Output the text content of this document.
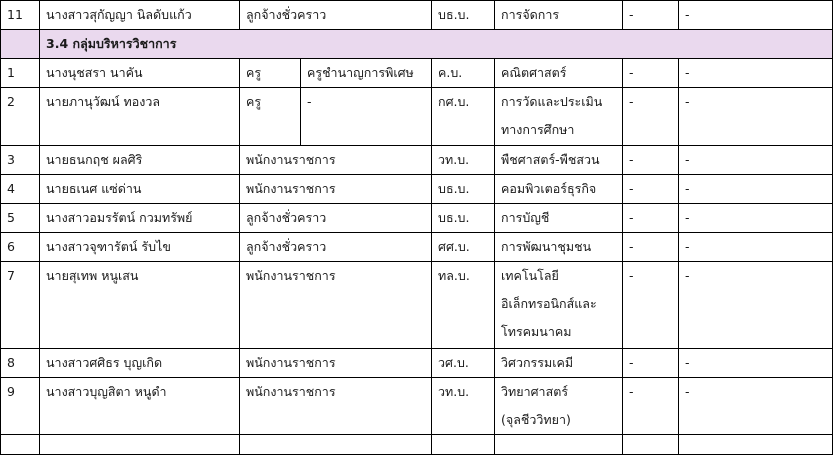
11	นางสาวสุกัญญา นิลดับแก้ว	ลูกจ้างชั่วคราว		บธ.บ.	การจัดการ	-	-
	3.4 กลุ่มบริหารวิชาการ						
1	นางนุชสรา นาคัน	ครู	ครูชำนาญการพิเศษ	ค.บ.	คณิตศาสตร์	-	-
2	นายภานุวัฒน์ ทองวล	ครู	-	กศ.บ.	การวัดและประเมิน
ทางการศึกษา	-	-
3	นายธนกฤช ผลศิริ	พนักงานราชการ		วท.บ.	พืชศาสตร์-พืชสวน	-	-
4	นายธเนศ แซ่ด่าน	พนักงานราชการ		บธ.บ.	คอมพิวเตอร์ธุรกิจ	-	-
5	นางสาวอมรรัตน์ กวมทรัพย์	ลูกจ้างชั่วคราว		บธ.บ.	การบัญชี	-	-
6	นางสาวจุฑารัตน์ รับไข	ลูกจ้างชั่วคราว		ศศ.บ.	การพัฒนาชุมชน	-	-
7	นายสุเทพ หนูเสน	พนักงานราชการ		ทล.บ.	เทคโนโลยี
อิเล็กทรอนิกส์และ
โทรคมนาคม	-	-
8	นางสาวศศิธร บุญเกิด	พนักงานราชการ		วศ.บ.	วิศวกรรมเคมี	-	-
9	นางสาวบุญสิตา หนูดำ	พนักงานราชการ		วท.บ.	วิทยาศาสตร์
(จุลชีววิทยา)	-	-
